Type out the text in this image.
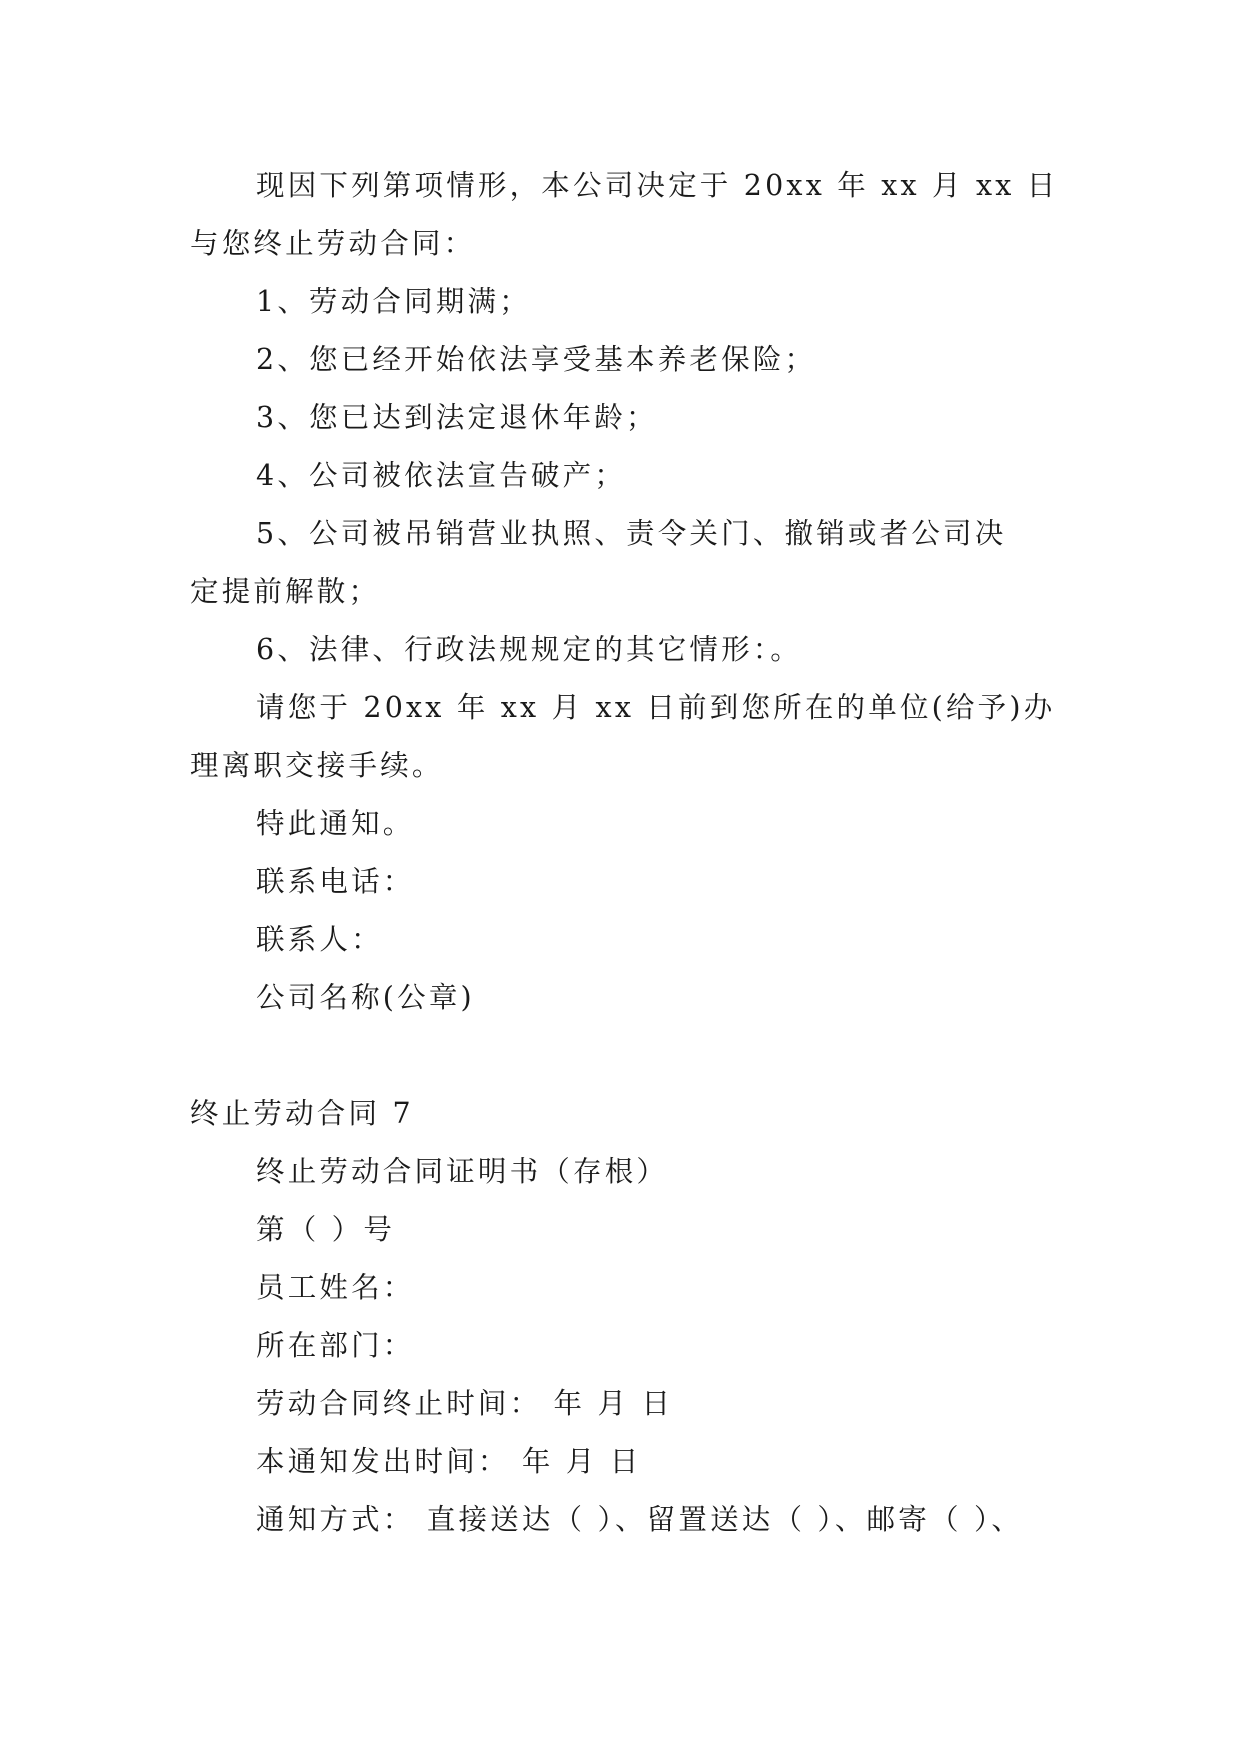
现因下列第项情形，本公司决定于 20xx 年 xx 月 xx 日
与您终止劳动合同：
1、劳动合同期满；
2、您已经开始依法享受基本养老保险；
3、您已达到法定退休年龄；
4、公司被依法宣告破产；
5、公司被吊销营业执照、责令关门、撤销或者公司决
定提前解散；
6、法律、行政法规规定的其它情形：。
请您于 20xx 年 xx 月 xx 日前到您所在的单位(给予)办
理离职交接手续。
特此通知。
联系电话：
联系人：
公司名称(公章)
终止劳动合同 7
终止劳动合同证明书（存根）
第（ ）号
员工姓名：
所在部门：
劳动合同终止时间： 年 月 日
本通知发出时间： 年 月 日
通知方式： 直接送达（ ）、留置送达（ ）、邮寄（ ）、
